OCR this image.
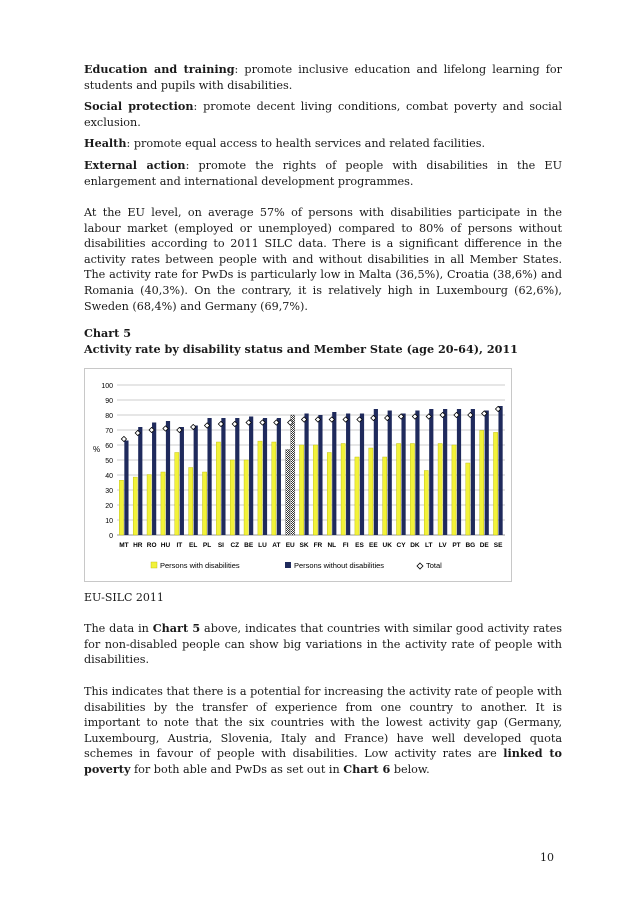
Education and training: promote inclusive education and lifelong learning for students and pupils with disabilities.
Social protection: promote decent living conditions, combat poverty and social exclusion.
Health: promote equal access to health services and related facilities.
External action: promote the rights of people with disabilities in the EU enlargement and international development programmes.
At the EU level, on average 57% of persons with disabilities participate in the labour market (employed or unemployed) compared to 80% of persons without disabilities according to 2011 SILC data. There is a significant difference in the activity rates between people with and without disabilities in all Member States. The activity rate for PwDs is particularly low in Malta (36,5%), Croatia (38,6%) and Romania (40,3%). On the contrary, it is relatively high in Luxembourg (62,6%), Sweden (68,4%) and Germany (69,7%).
Chart 5
Activity rate by disability status and Member State (age 20-64), 2011
0
10
20
30
40
50
60
70
80
90
100
%
MT HR RO HU IT EL PL SI CZ BE LU AT EU SK FR NL FI ES EE UK CY DK LT LV PT BG DE SE
Persons with disabilities	Persons without disabilities	Total
EU-SILC 2011
The data in Chart 5 above, indicates that countries with similar good activity rates for non-disabled people can show big variations in the activity rate of people with disabilities.
This indicates that there is a potential for increasing the activity rate of people with disabilities by the transfer of experience from one country to another. It is important to note that the six countries with the lowest activity gap (Germany, Luxembourg, Austria, Slovenia, Italy and France) have well developed quota schemes in favour of people with disabilities. Low activity rates are linked to poverty for both able and PwDs as set out in Chart 6 below.
10
